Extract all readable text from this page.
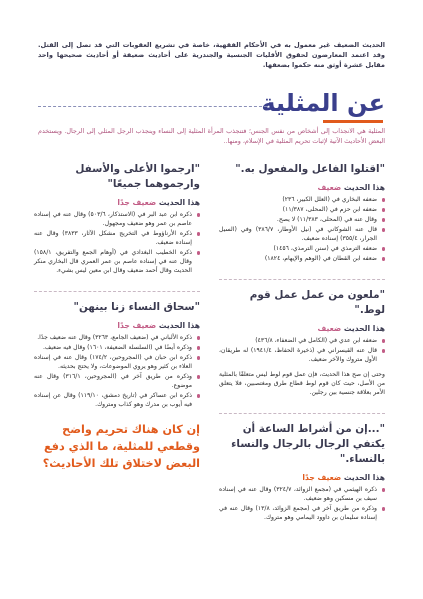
الحديث الضعيف غير معمول به في الأحكام الفقهية، خاصة في تشريع العقوبات التي قد تصل إلى القتل. وقد اعتمد المعارضون لحقوق الأقليات الجنسية والجندرية على أحاديث ضعيفة أو أحاديث صحيحها واحد مقابل عشرة أوثق منه حكموا بضعفها.
عن المثلية
المثلية هي الانجذاب إلى أشخاص من نفس الجنس؛ فتنجذب المرأة المثلية إلى النساء وينجذب الرجل المثلي إلى الرجال. ويستخدم البعض الأحاديث الآتية لإثبات تحريم المثلية في الإسلام، ومنها..
"اقتلوا الفاعل والمفعول به."
هذا الحديث ضعيف
ضعفه البخاري في (العلل الكبير، ٢٣٦)
ضعفه ابن حزم في (المحلى، ١١/٣٨٧)
وقال عنه في (المحلى، ١١/٣٨٣) لا يصح.
قال عنه الشوكاني في (نيل الأوطار، ٣٨٦/٧) وفي (السيل الجرار، ٣٥٥/٤) إسناده ضعيف.
ضعفه الترمذي في (سنن الترمذي، ١٤٥٦)
ضعفه ابن القطان في (الوهم والإيهام، ١٨٢٤)
"ملعون من عمل عمل قوم لوط."
هذا الحديث ضعيف
ضعفه ابن عدي في (الكامل في الضعفاء، ٤٣٦/٨)
قال عنه القيسراني في (ذخيرة الحفاظ، ١٩٤١/٤) له طريقان، الأول متروك والآخر ضعيف.
وحتى إن صح هذا الحديث، فإن عمل قوم لوط ليس متعلقًا بالمثلية من الأصل، حيث كان قوم لوط قطاع طرق ومغتصبين، فلا يتعلق الأمر بعلاقة جنسية بين رجلين.
"...إن من أشراط الساعة أن يكتفي الرجال بالرجال والنساء بالنساء."
هذا الحديث ضعيف جدًا
ذكره الهيثمي في (مجمع الزوائد، ٣٢٤/٧) وقال عنه في إسناده سيف بن مسكين وهو ضعيف.
وذكره من طريق آخر في (مجمع الزوائد، ١٣/٨) وقال عنه في إسناده سليمان بن داوود اليمامي وهو متروك.
"ارجموا الأعلى والأسفل وارجموهما جميعًا"
هذا الحديث ضعيف جدًا
ذكره ابن عبد البر في (الاستذكار، ٥٠٣/٦) وقال عنه في إسناده عاصم بن عمر وهو ضعيف ومجهول.
ذكره الأرناؤوط في التخريج مشكل الآثار، ٣٨٣٣) وقال عنه إسناده ضعيف.
ذكره الخطيب البغدادي في (أوهام الجمع والتفريق، ١٥٨/١) وقال عنه في إسناده عاصم بن عمر العمري قال البخاري منكر الحديث وقال أحمد ضعيف وقال ابن معين ليس بشيء.
"سحاق النساء زنا بينهن"
هذا الحديث ضعيف جدًا
ذكره الألباني في (ضعيف الجامع، ٣٢٦٣) وقال عنه ضعيف جدًا.
وذكره أيضًا في (السلسلة الضعيفة، ١٦٠١) وقال فيه ضعيف.
ذكره ابن حبان في (المجروحين، ١٧٤/٢) وقال عنه في إسناده العلاء بن كثير وهو يروي الموضوعات، ولا يحتج بحديثه.
وذكره من طريق آخر في (المجروحين، ٣١٦/١) وقال عنه موضوع.
ذكره ابن عساكر في (تاريخ دمشق، ١١٩/١٠) وقال عن إسناده فيه أيوب بن مدرك وهو كذاب ومتروك.
إن كان هناك تحريم واضح وقطعي للمثلية، ما الذي دفع البعض لاختلاق تلك الأحاديث؟
